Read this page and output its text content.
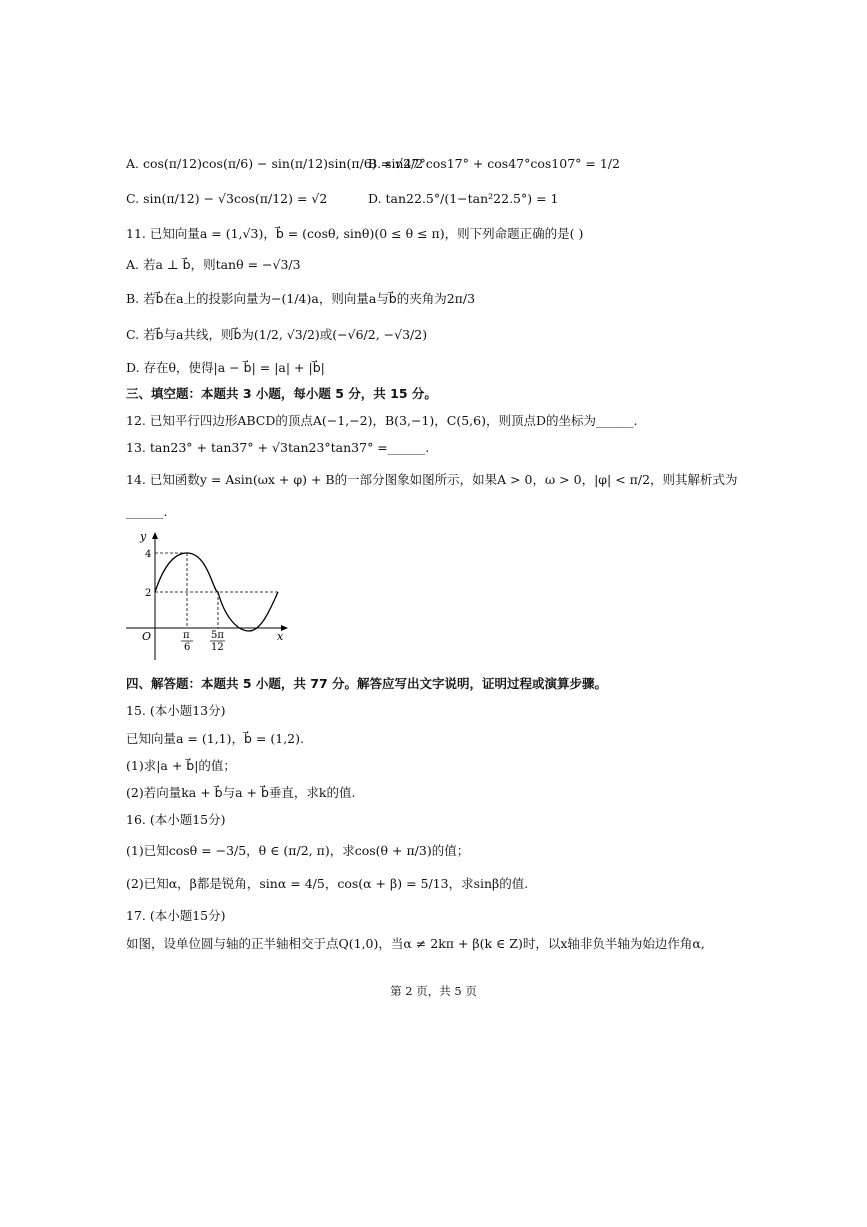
A. cos(π/12)cos(π/6) − sin(π/12)sin(π/6) = √2/2
B. sin47°cos17° + cos47°cos107° = 1/2
C. sin(π/12) − √3cos(π/12) = √2	D. tan22.5°/(1−tan²22.5°) = 1
11. 已知向量a = (1,√3)，b⃗ = (cosθ, sinθ)(0 ≤ θ ≤ π)，则下列命题正确的是( )
A. 若a ⊥ b⃗，则tanθ = −√3/3
B. 若b⃗在a上的投影向量为−(1/4)a，则向量a与b⃗的夹角为2π/3
C. 若b⃗与a共线，则b⃗为(1/2, √3/2)或(−√6/2, −√3/2)
D. 存在θ，使得|a − b⃗| = |a| + |b⃗|
三、填空题：本题共 3 小题，每小题 5 分，共 15 分。
12. 已知平行四边形ABCD的顶点A(−1,−2)，B(3,−1)，C(5,6)，则顶点D的坐标为______.
13. tan23° + tan37° + √3tan23°tan37° =______.
14. 已知函数y = Asin(ωx + φ) + B的一部分图象如图所示，如果A > 0，ω > 0，|φ| < π/2，则其解析式为
______.
y
x
O
4
2
π
6
5π
12
四、解答题：本题共 5 小题，共 77 分。解答应写出文字说明，证明过程或演算步骤。
15. (本小题13分)
已知向量a = (1,1)，b⃗ = (1,2).
(1)求|a + b⃗|的值；
(2)若向量ka + b⃗与a + b⃗垂直，求k的值.
16. (本小题15分)
(1)已知cosθ = −3/5，θ ∈ (π/2, π)，求cos(θ + π/3)的值；
(2)已知α，β都是锐角，sinα = 4/5，cos(α + β) = 5/13，求sinβ的值.
17. (本小题15分)
如图，设单位圆与轴的正半轴相交于点Q(1,0)，当α ≠ 2kπ + β(k ∈ Z)时，以x轴非负半轴为始边作角α,
第 2 页，共 5 页
